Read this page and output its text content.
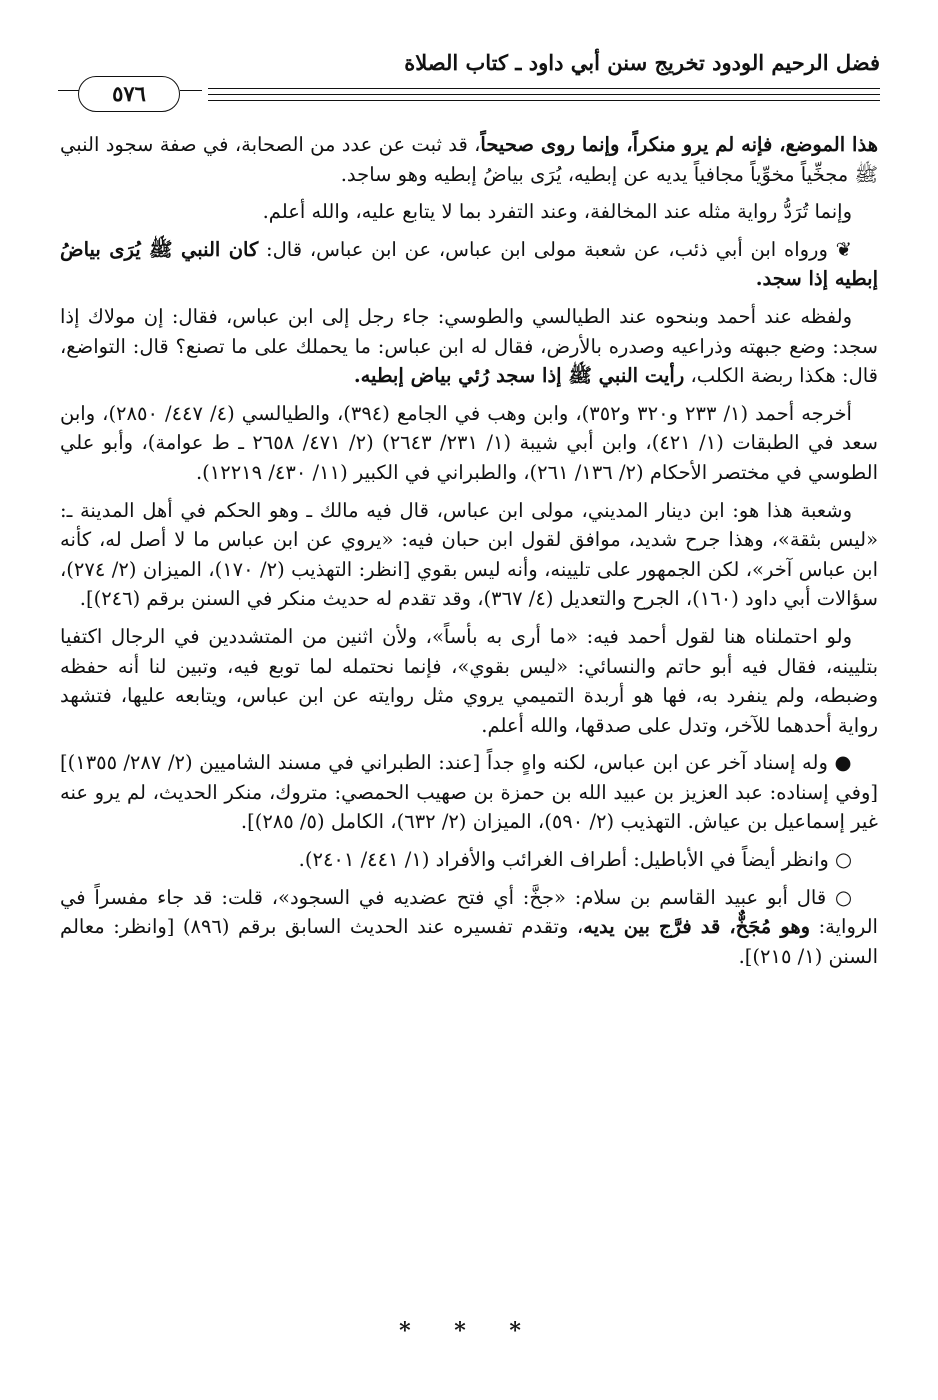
فضل الرحيم الودود تخريج سنن أبي داود ـ كتاب الصلاة
٥٧٦

هذا الموضع، فإنه لم يرو منكراً، وإنما روى صحيحاً، قد ثبت عن عدد من الصحابة، في صفة سجود النبي ﷺ مجخِّياً مخوِّياً مجافياً يديه عن إبطيه، يُرَى بياضُ إبطيه وهو ساجد.

وإنما تُرَدُّ رواية مثله عند المخالفة، وعند التفرد بما لا يتابع عليه، والله أعلم.

❦ ورواه ابن أبي ذئب، عن شعبة مولى ابن عباس، عن ابن عباس، قال: كان النبي ﷺ يُرَى بياضُ إبطيه إذا سجد.

ولفظه عند أحمد وبنحوه عند الطيالسي والطوسي: جاء رجل إلى ابن عباس، فقال: إن مولاك إذا سجد: وضع جبهته وذراعيه وصدره بالأرض، فقال له ابن عباس: ما يحملك على ما تصنع؟ قال: التواضع، قال: هكذا ربضة الكلب، رأيت النبي ﷺ إذا سجد رُئي بياض إبطيه.

أخرجه أحمد (١/ ٢٣٣ و٣٢٠ و٣٥٢)، وابن وهب في الجامع (٣٩٤)، والطيالسي (٤/ ٤٤٧/ ٢٨٥٠)، وابن سعد في الطبقات (١/ ٤٢١)، وابن أبي شيبة (١/ ٢٣١/ ٢٦٤٣) (٢/ ٤٧١/ ٢٦٥٨ ـ ط عوامة)، وأبو علي الطوسي في مختصر الأحكام (٢/ ١٣٦/ ٢٦١)، والطبراني في الكبير (١١/ ٤٣٠/ ١٢٢١٩).

وشعبة هذا هو: ابن دينار المديني، مولى ابن عباس، قال فيه مالك ـ وهو الحكم في أهل المدينة ـ: «ليس بثقة»، وهذا جرح شديد، موافق لقول ابن حبان فيه: «يروي عن ابن عباس ما لا أصل له، كأنه ابن عباس آخر»، لكن الجمهور على تليينه، وأنه ليس بقوي [انظر: التهذيب (٢/ ١٧٠)، الميزان (٢/ ٢٧٤)، سؤالات أبي داود (١٦٠)، الجرح والتعديل (٤/ ٣٦٧)، وقد تقدم له حديث منكر في السنن برقم (٢٤٦)].

ولو احتملناه هنا لقول أحمد فيه: «ما أرى به بأساً»، ولأن اثنين من المتشددين في الرجال اكتفيا بتليينه، فقال فيه أبو حاتم والنسائي: «ليس بقوي»، فإنما نحتمله لما توبع فيه، وتبين لنا أنه حفظه وضبطه، ولم ينفرد به، فها هو أربدة التميمي يروي مثل روايته عن ابن عباس، ويتابعه عليها، فتشهد رواية أحدهما للآخر، وتدل على صدقها، والله أعلم.

● وله إسناد آخر عن ابن عباس، لكنه واهٍ جداً [عند: الطبراني في مسند الشاميين (٢/ ٢٨٧/ ١٣٥٥)] [وفي إسناده: عبد العزيز بن عبيد الله بن حمزة بن صهيب الحمصي: متروك، منكر الحديث، لم يرو عنه غير إسماعيل بن عياش. التهذيب (٢/ ٥٩٠)، الميزان (٢/ ٦٣٢)، الكامل (٥/ ٢٨٥)].

○ وانظر أيضاً في الأباطيل: أطراف الغرائب والأفراد (١/ ٤٤١/ ٢٤٠١).

○ قال أبو عبيد القاسم بن سلام: «جخَّ: أي فتح عضديه في السجود»، قلت: قد جاء مفسراً في الرواية: وهو مُجَخٌّ، قد فرَّج بين يديه، وتقدم تفسيره عند الحديث السابق برقم (٨٩٦) [وانظر: معالم السنن (١/ ٢١٥)].

* * *
